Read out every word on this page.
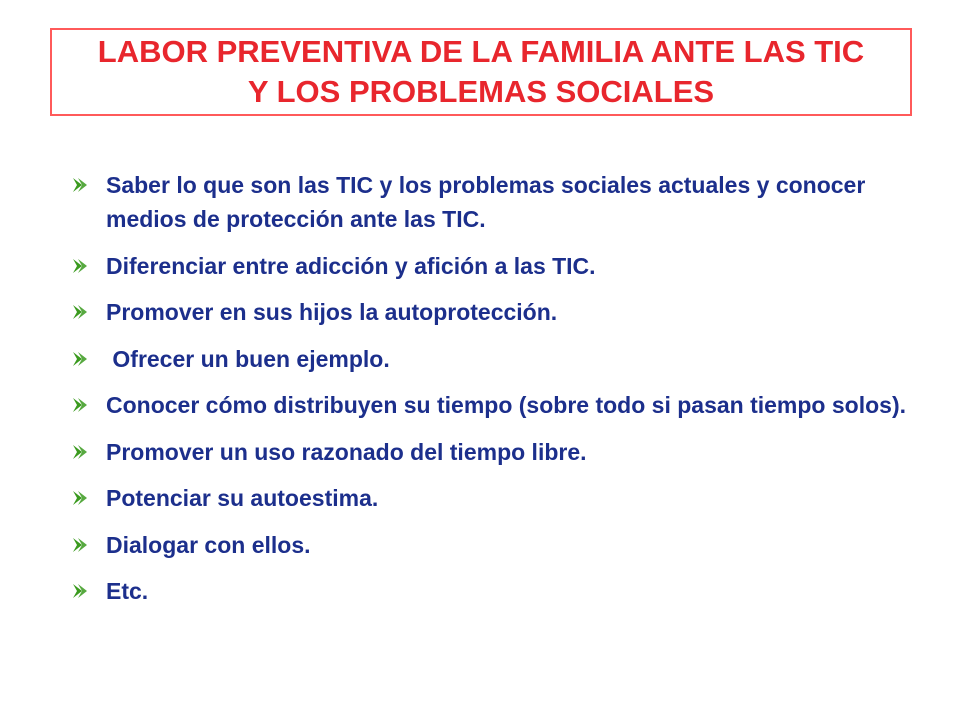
LABOR PREVENTIVA DE LA FAMILIA ANTE LAS TIC
Y LOS PROBLEMAS SOCIALES
Saber lo que son las TIC y los problemas sociales actuales y conocer medios de protección ante las TIC.
Diferenciar entre adicción y afición a las TIC.
Promover en sus hijos la autoprotección.
Ofrecer un buen ejemplo.
Conocer cómo distribuyen su tiempo (sobre todo si pasan tiempo solos).
Promover un uso razonado del tiempo libre.
Potenciar su autoestima.
Dialogar con ellos.
Etc.
